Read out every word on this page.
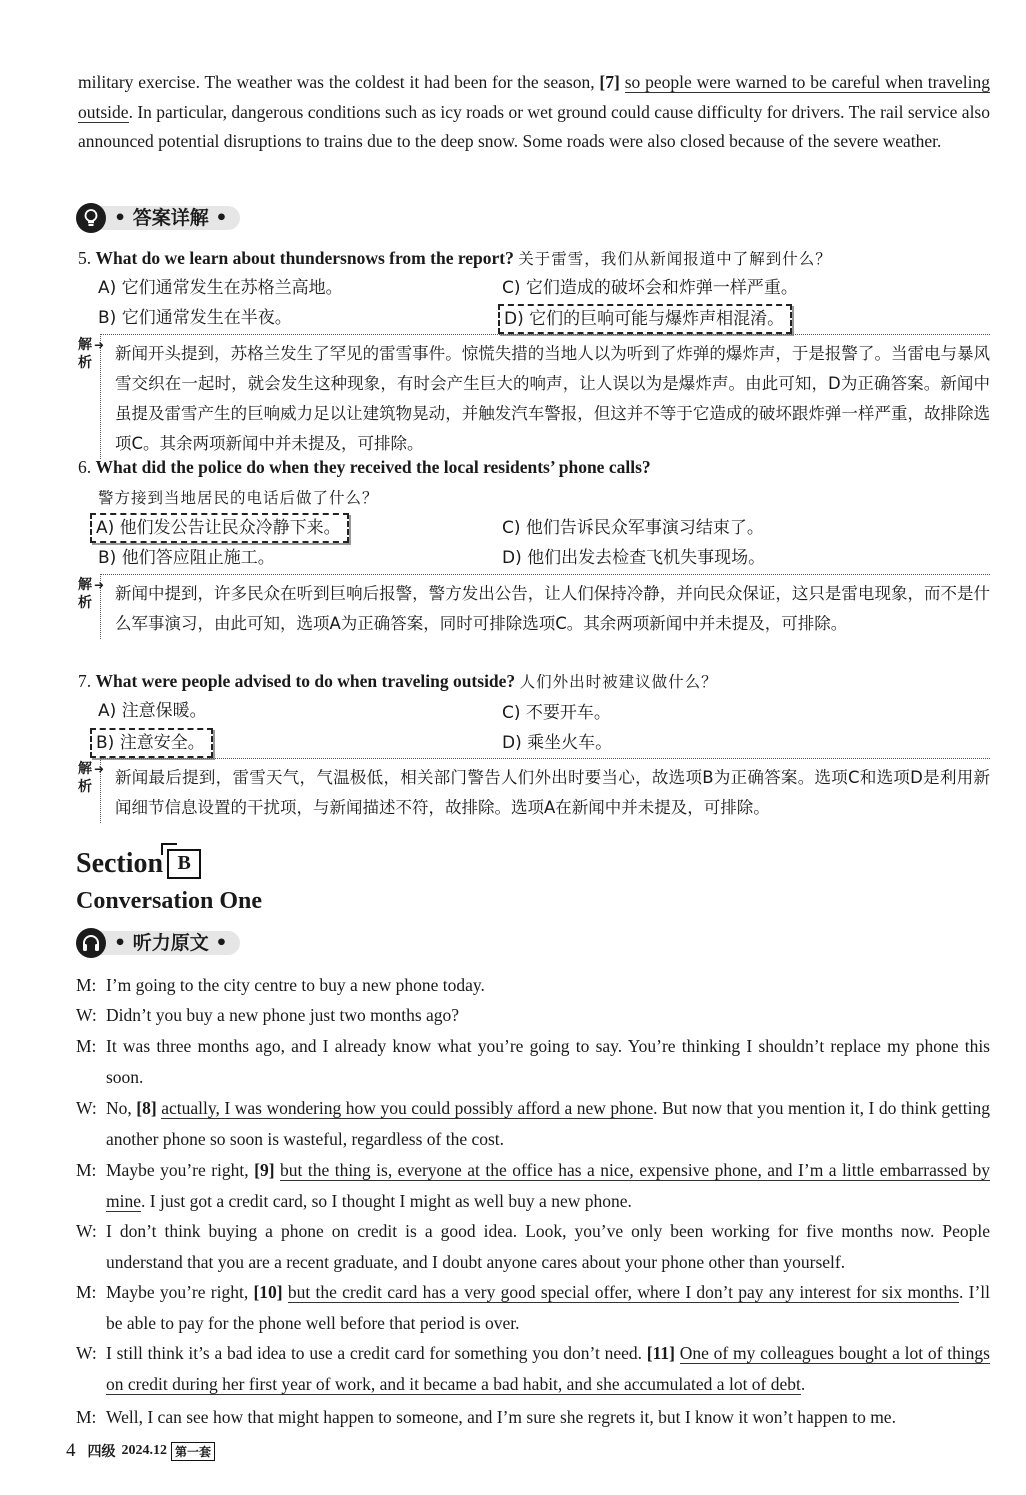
military exercise. The weather was the coldest it had been for the season, [7] so people were warned to be careful when traveling outside. In particular, dangerous conditions such as icy roads or wet ground could cause difficulty for drivers. The rail service also announced potential disruptions to trains due to the deep snow. Some roads were also closed because of the severe weather.
• 答案详解 •
5. What do we learn about thundersnows from the report? 关于雷雪，我们从新闻报道中了解到什么？
A) 它们通常发生在苏格兰高地。	C) 它们造成的破坏会和炸弹一样严重。
B) 它们通常发生在半夜。	D) 它们的巨响可能与爆炸声相混淆。
解析
➜ 新闻开头提到，苏格兰发生了罕见的雷雪事件。惊慌失措的当地人以为听到了炸弹的爆炸声，于是报警了。当雷电与暴风雪交织在一起时，就会发生这种现象，有时会产生巨大的响声，让人误以为是爆炸声。由此可知，D为正确答案。新闻中虽提及雷雪产生的巨响威力足以让建筑物晃动，并触发汽车警报，但这并不等于它造成的破坏跟炸弹一样严重，故排除选项C。其余两项新闻中并未提及，可排除。
6. What did the police do when they received the local residents’ phone calls?
警方接到当地居民的电话后做了什么？
A) 他们发公告让民众冷静下来。	C) 他们告诉民众军事演习结束了。
B) 他们答应阻止施工。	D) 他们出发去检查飞机失事现场。
解析
➜ 新闻中提到，许多民众在听到巨响后报警，警方发出公告，让人们保持冷静，并向民众保证，这只是雷电现象，而不是什么军事演习，由此可知，选项A为正确答案，同时可排除选项C。其余两项新闻中并未提及，可排除。
7. What were people advised to do when traveling outside? 人们外出时被建议做什么？
A) 注意保暖。	C) 不要开车。
B) 注意安全。	D) 乘坐火车。
解析
➜ 新闻最后提到，雷雪天气，气温极低，相关部门警告人们外出时要当心，故选项B为正确答案。选项C和选项D是利用新闻细节信息设置的干扰项，与新闻描述不符，故排除。选项A在新闻中并未提及，可排除。
Section B
Conversation One
• 听力原文 •
M: I’m going to the city centre to buy a new phone today.
W: Didn’t you buy a new phone just two months ago?
M: It was three months ago, and I already know what you’re going to say. You’re thinking I shouldn’t replace my phone this soon.
W: No, [8] actually, I was wondering how you could possibly afford a new phone. But now that you mention it, I do think getting another phone so soon is wasteful, regardless of the cost.
M: Maybe you’re right, [9] but the thing is, everyone at the office has a nice, expensive phone, and I’m a little embarrassed by mine. I just got a credit card, so I thought I might as well buy a new phone.
W: I don’t think buying a phone on credit is a good idea. Look, you’ve only been working for five months now. People understand that you are a recent graduate, and I doubt anyone cares about your phone other than yourself.
M: Maybe you’re right, [10] but the credit card has a very good special offer, where I don’t pay any interest for six months. I’ll be able to pay for the phone well before that period is over.
W: I still think it’s a bad idea to use a credit card for something you don’t need. [11] One of my colleagues bought a lot of things on credit during her first year of work, and it became a bad habit, and she accumulated a lot of debt.
M: Well, I can see how that might happen to someone, and I’m sure she regrets it, but I know it won’t happen to me.
4 四级 2024.12 第一套
